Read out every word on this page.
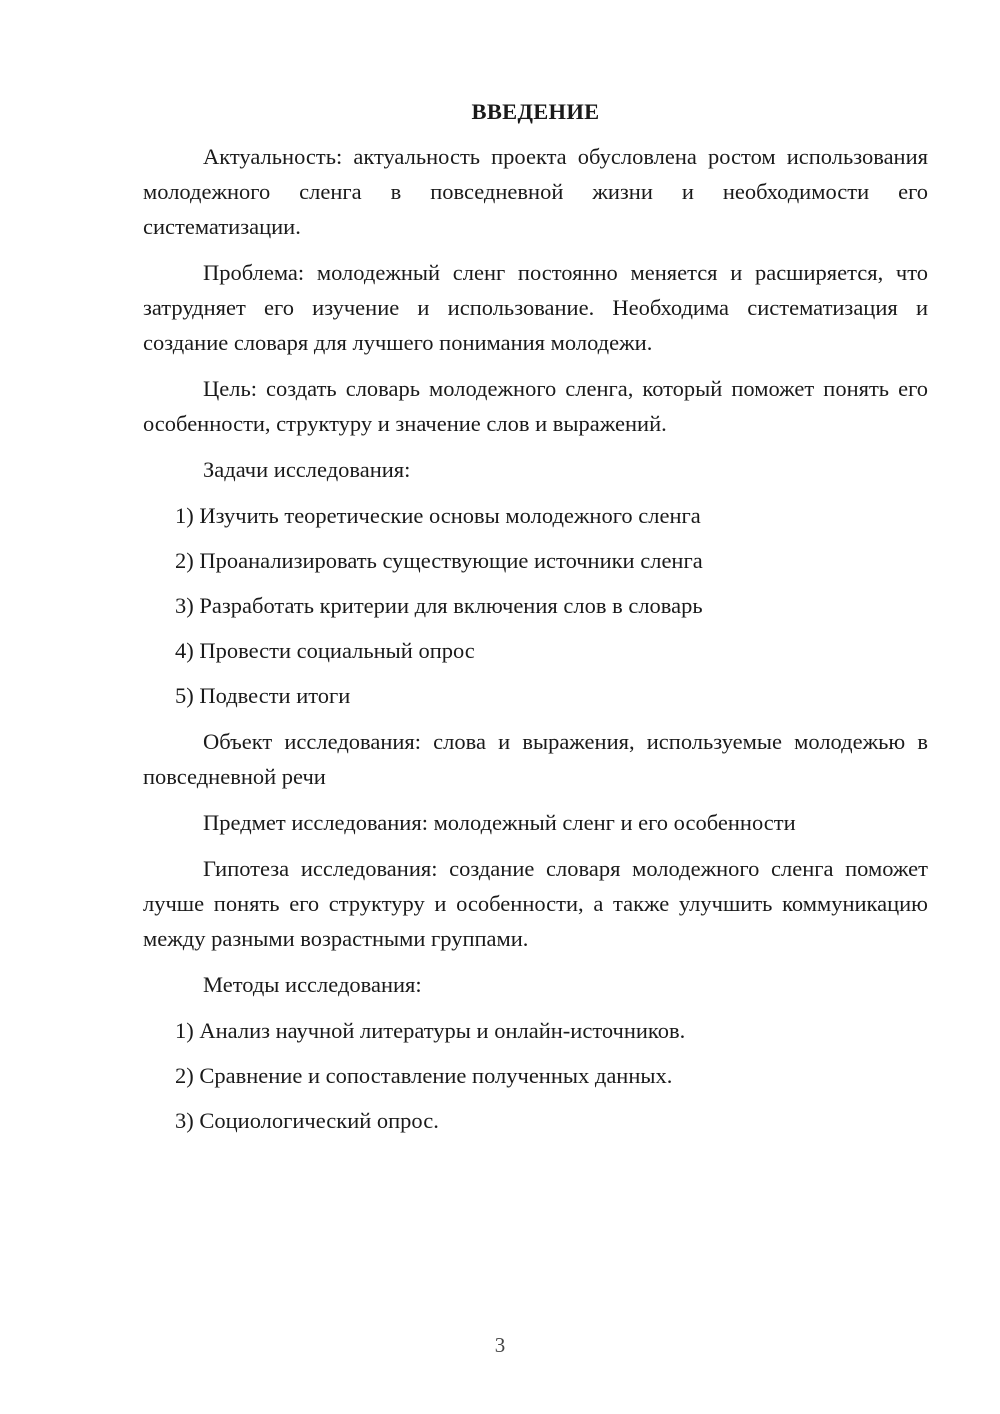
ВВЕДЕНИЕ

Актуальность: актуальность проекта обусловлена ростом использования молодежного сленга в повседневной жизни и необходимости его систематизации.

Проблема: молодежный сленг постоянно меняется и расширяется, что затрудняет его изучение и использование. Необходима систематизация и создание словаря для лучшего понимания молодежи.

Цель: создать словарь молодежного сленга, который поможет понять его особенности, структуру и значение слов и выражений.

Задачи исследования:

1) Изучить теоретические основы молодежного сленга
2) Проанализировать существующие источники сленга
3) Разработать критерии для включения слов в словарь
4) Провести социальный опрос
5) Подвести итоги

Объект исследования: слова и выражения, используемые молодежью в повседневной речи

Предмет исследования: молодежный сленг и его особенности

Гипотеза исследования: создание словаря молодежного сленга поможет лучше понять его структуру и особенности, а также улучшить коммуникацию между разными возрастными группами.

Методы исследования:

1) Анализ научной литературы и онлайн-источников.
2) Сравнение и сопоставление полученных данных.
3) Социологический опрос.
3
